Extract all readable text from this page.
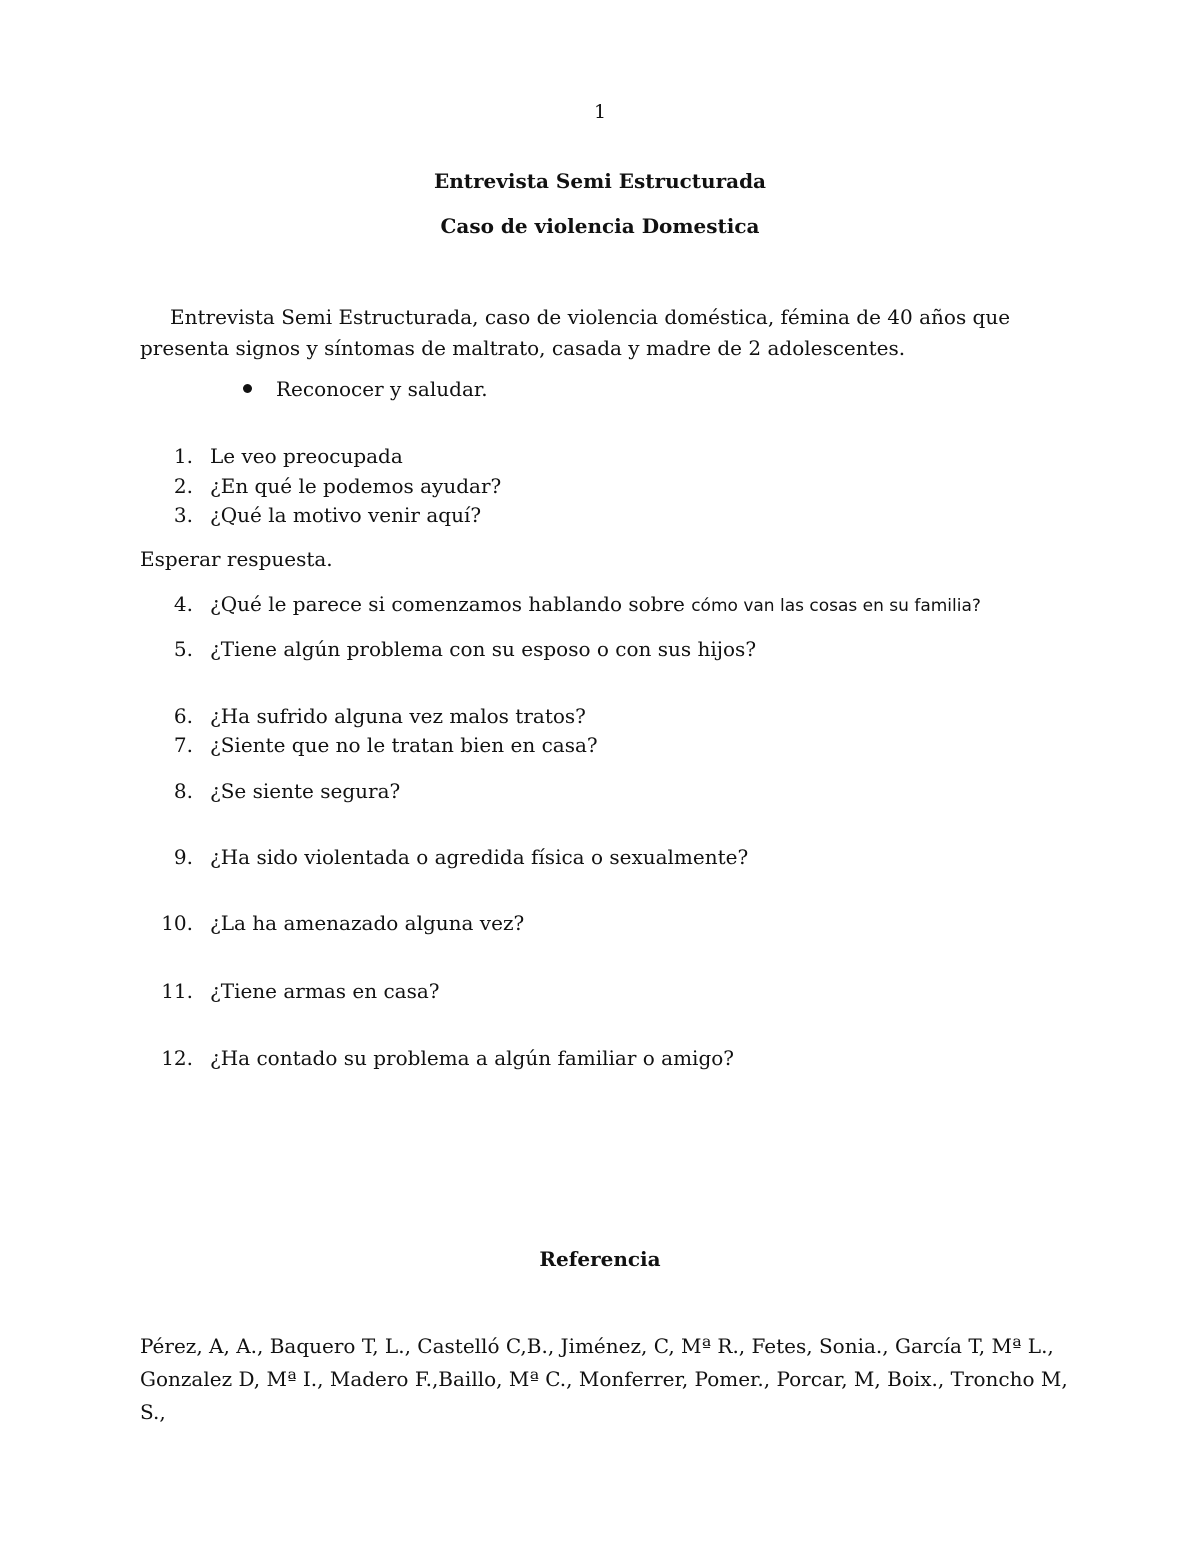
1

Entrevista Semi Estructurada

Caso de violencia Domestica

Entrevista Semi Estructurada, caso de violencia doméstica, fémina de 40 años que presenta signos y síntomas de maltrato, casada y madre de 2 adolescentes.

Reconocer y saludar.
1. Le veo preocupada
2. ¿En qué le podemos ayudar?
3. ¿Qué la motivo venir aquí?

Esperar respuesta.

4. ¿Qué le parece si comenzamos hablando sobre cómo van las cosas en su familia?
5. ¿Tiene algún problema con su esposo o con sus hijos?
6. ¿Ha sufrido alguna vez malos tratos?
7. ¿Siente que no le tratan bien en casa?
8. ¿Se siente segura?
9. ¿Ha sido violentada o agredida física o sexualmente?
10. ¿La ha amenazado alguna vez?
11. ¿Tiene armas en casa?
12. ¿Ha contado su problema a algún familiar o amigo?

Referencia

Pérez, A, A., Baquero T, L., Castelló C,B., Jiménez, C, Mª R., Fetes, Sonia., García T, Mª L., Gonzalez D, Mª I., Madero F.,Baillo, Mª C., Monferrer, Pomer., Porcar, M, Boix., Troncho M, S.,
